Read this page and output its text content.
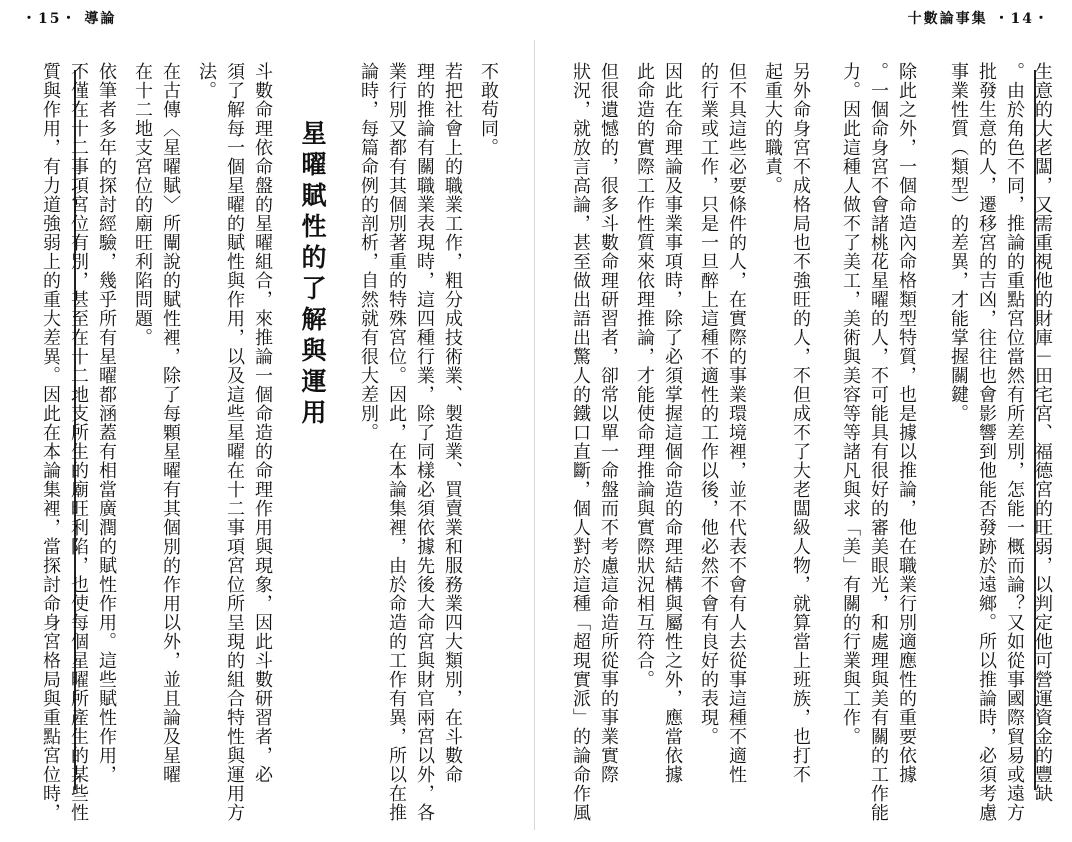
・15・ 導論	十數論事集 ・14・
生意的大老闆，又需重視他的財庫－田宅宮、福德宮的旺弱，以判定他可營運資金的豐缺
。由於角色不同，推論的重點宮位當然有所差別，怎能一概而論？又如從事國際貿易或遠方
批發生意的人，遷移宮的吉凶，往往也會影響到他能否發跡於遠鄉。所以推論時，必須考慮
事業性質（類型）的差異，才能掌握關鍵。
除此之外，一個命造內命格類型特質，也是據以推論，他在職業行別適應性的重要依據
。一個命身宮不會諸桃花星曜的人，不可能具有很好的審美眼光，和處理與美有關的工作能
力。因此這種人做不了美工，美術與美容等等諸凡與求「美」有關的行業與工作。
另外命身宮不成格局也不強旺的人，不但成不了大老闆級人物，就算當上班族，也打不
起重大的職責。
但不具這些必要條件的人，在實際的事業環境裡，並不代表不會有人去從事這種不適性
的行業或工作，只是一旦醉上這種不適性的工作以後，他必然不會有良好的表現。
因此在命理論及事業事項時，除了必須掌握這個命造的命理結構與屬性之外，應當依據
此命造的實際工作性質來依理推論，才能使命理推論與實際狀況相互符合。
但很遺憾的，很多斗數命理研習者，卻常以單一命盤而不考慮這命造所從事的事業實際
狀況，就放言高論，甚至做出語出驚人的鐵口直斷，個人對於這種「超現實派」的論命作風
不敢苟同。
若把社會上的職業工作，粗分成技術業、製造業、買賣業和服務業四大類別，在斗數命
理的推論有關職業表現時，這四種行業，除了同樣必須依據先後大命宮與財官兩宮以外，各
業行別又都有其個別著重的特殊宮位。因此，在本論集裡，由於命造的工作有異，所以在推
論時，每篇命例的剖析，自然就有很大差別。
星曜賦性的了解與運用
斗數命理依命盤的星曜組合，來推論一個命造的命理作用與現象，因此斗數研習者，必
須了解每一個星曜的賦性與作用，以及這些星曜在十二事項宮位所呈現的組合特性與運用方
法。
在古傳〈星曜賦〉所闡說的賦性裡，除了每顆星曜有其個別的作用以外，並且論及星曜
在十二地支宮位的廟旺利陷問題。
依筆者多年的探討經驗，幾乎所有星曜都涵蓋有相當廣潤的賦性作用。這些賦性作用，
不僅在十二事項宮位有別，甚至在十二地支所生的廟旺利陷，也使每個星曜所產生的某些性
質與作用，有力道強弱上的重大差異。因此在本論集裡，當探討命身宮格局與重點宮位時，
